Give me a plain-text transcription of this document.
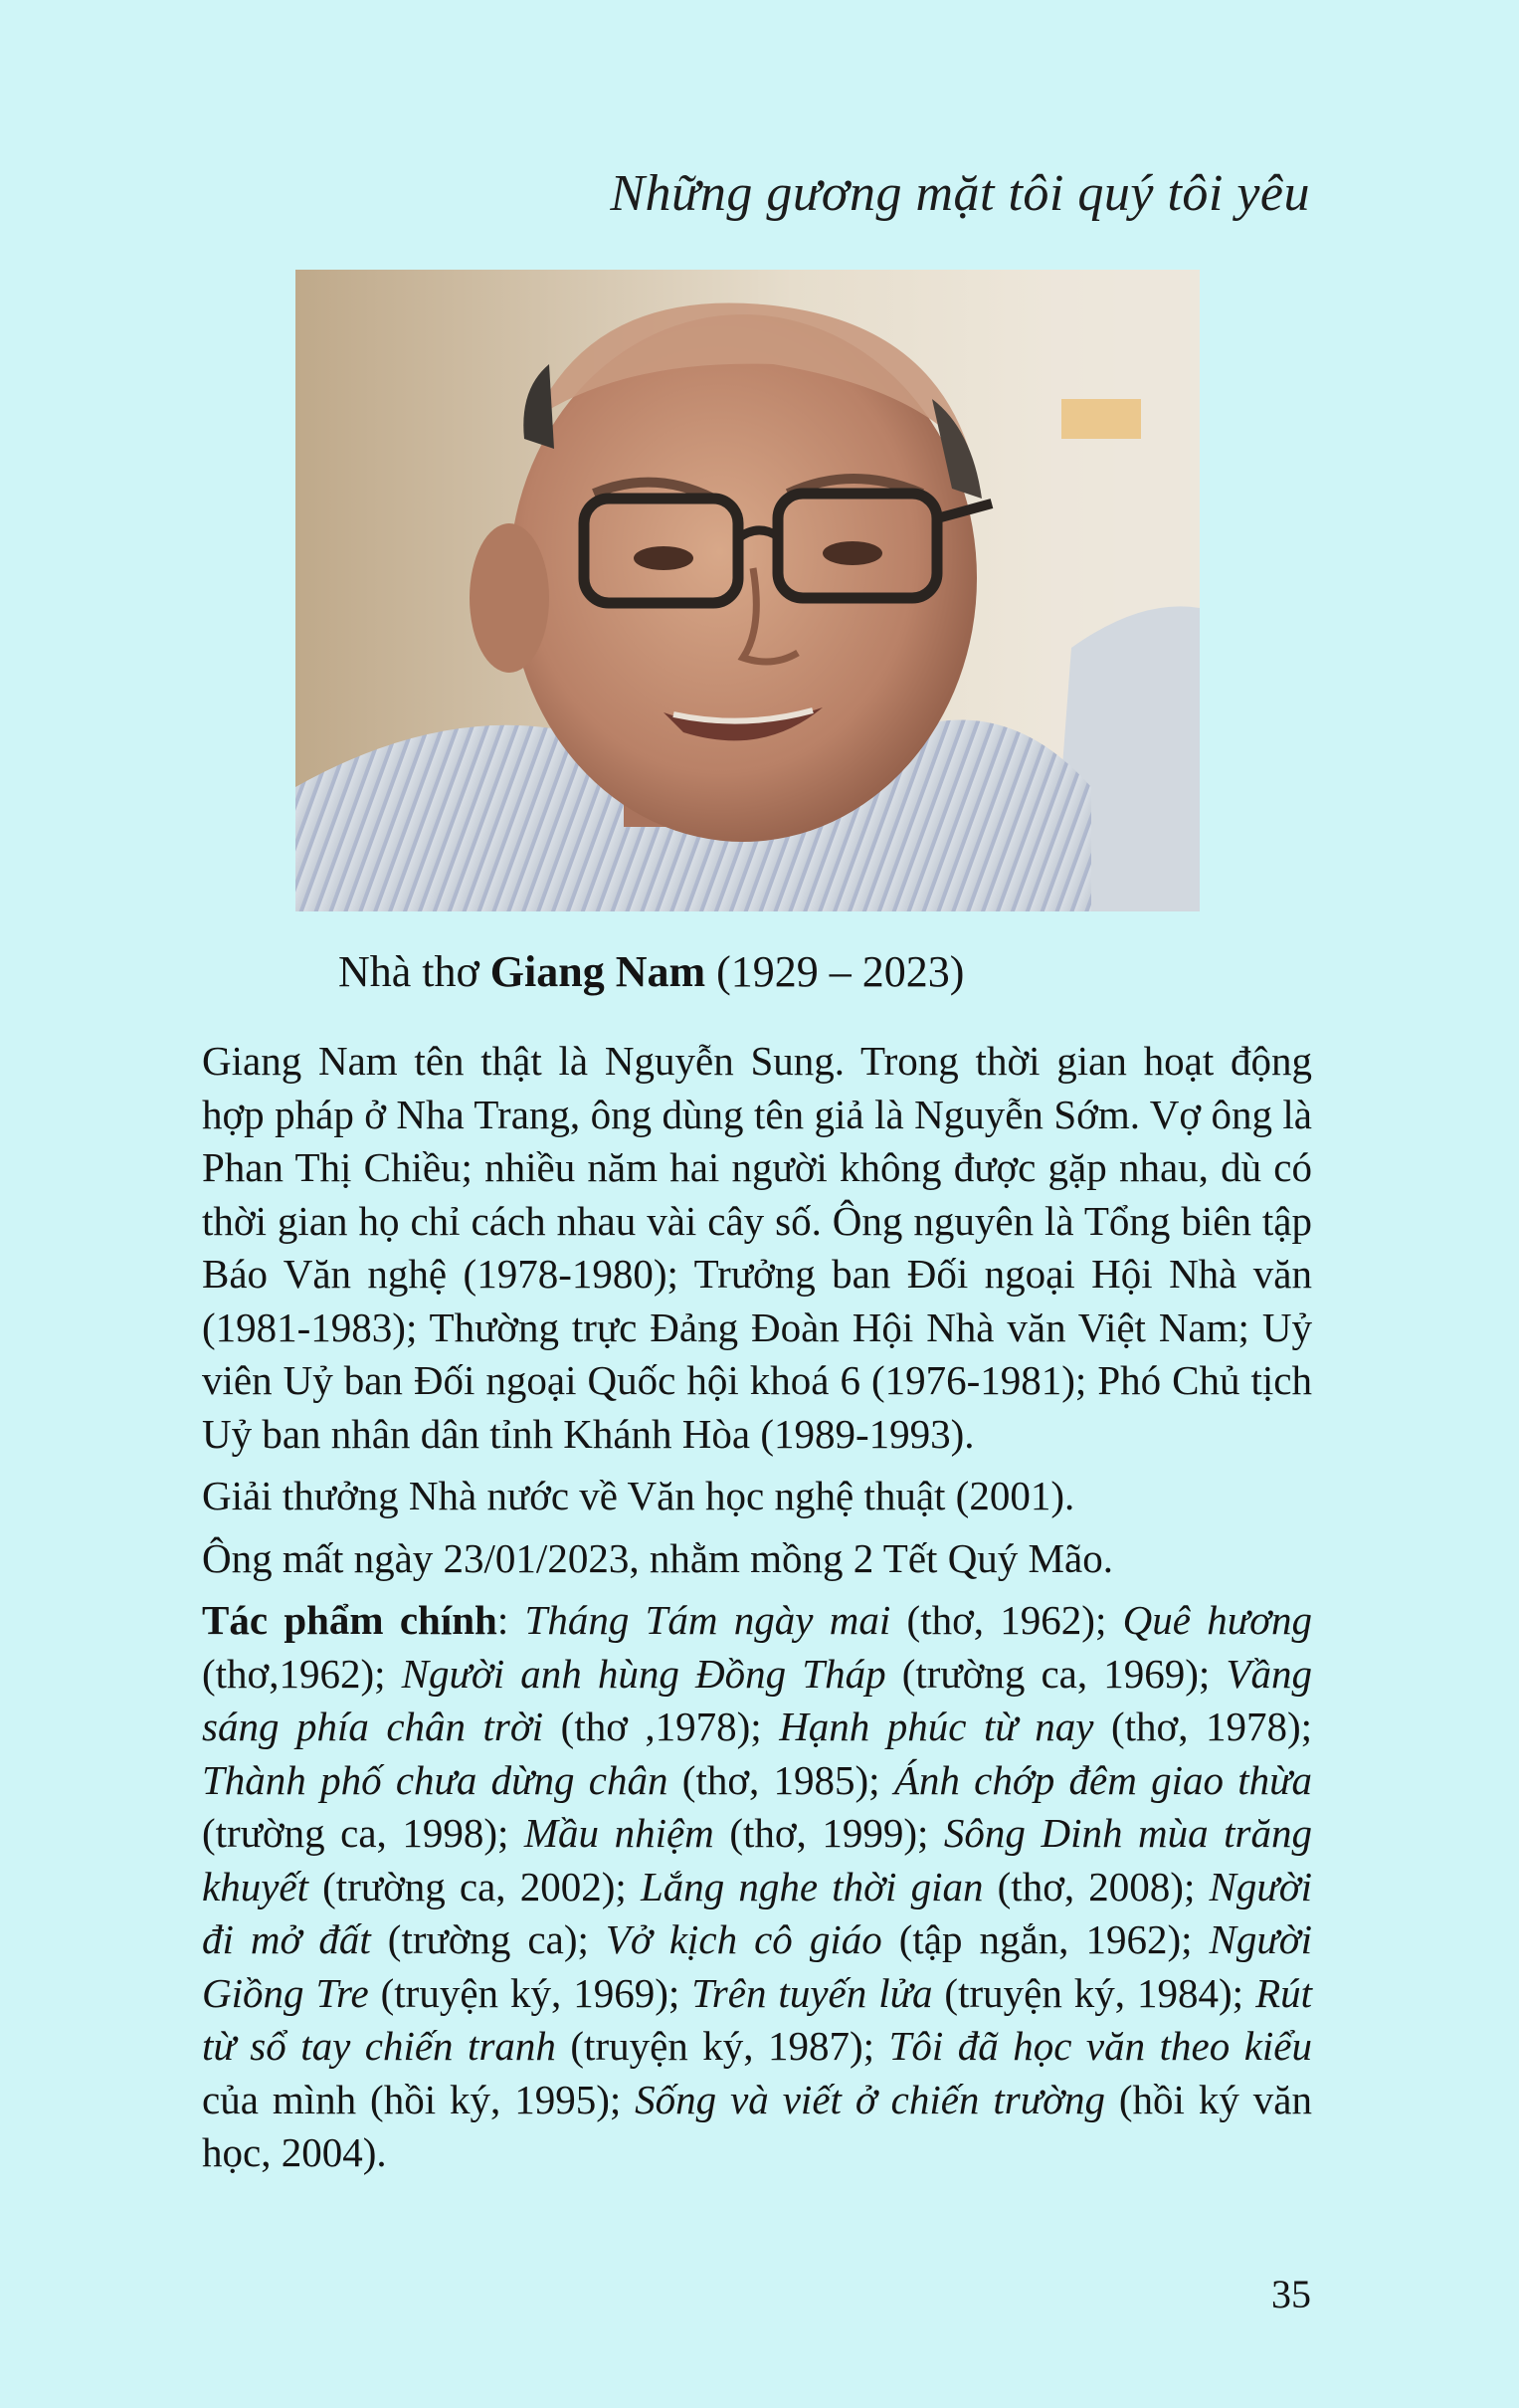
Những gương mặt tôi quý tôi yêu
Nhà thơ Giang Nam (1929 – 2023)

Giang Nam tên thật là Nguyễn Sung. Trong thời gian hoạt động hợp pháp ở Nha Trang, ông dùng tên giả là Nguyễn Sớm. Vợ ông là Phan Thị Chiều; nhiều năm hai người không được gặp nhau, dù có thời gian họ chỉ cách nhau vài cây số. Ông nguyên là Tổng biên tập Báo Văn nghệ (1978-1980); Trưởng ban Đối ngoại Hội Nhà văn (1981-1983); Thường trực Đảng Đoàn Hội Nhà văn Việt Nam; Uỷ viên Uỷ ban Đối ngoại Quốc hội khoá 6 (1976-1981); Phó Chủ tịch Uỷ ban nhân dân tỉnh Khánh Hòa (1989-1993).

Giải thưởng Nhà nước về Văn học nghệ thuật (2001).

Ông mất ngày 23/01/2023, nhằm mồng 2 Tết Quý Mão.

Tác phẩm chính: Tháng Tám ngày mai (thơ, 1962); Quê hương (thơ,1962); Người anh hùng Đồng Tháp (trường ca, 1969); Vầng sáng phía chân trời (thơ ,1978); Hạnh phúc từ nay (thơ, 1978); Thành phố chưa dừng chân (thơ, 1985); Ánh chớp đêm giao thừa (trường ca, 1998); Mầu nhiệm (thơ, 1999); Sông Dinh mùa trăng khuyết (trường ca, 2002); Lắng nghe thời gian (thơ, 2008); Người đi mở đất (trường ca); Vở kịch cô giáo (tập ngắn, 1962); Người Giồng Tre (truyện ký, 1969); Trên tuyến lửa (truyện ký, 1984); Rút từ sổ tay chiến tranh (truyện ký, 1987); Tôi đã học văn theo kiểu của mình (hồi ký, 1995); Sống và viết ở chiến trường (hồi ký văn học, 2004).

35
